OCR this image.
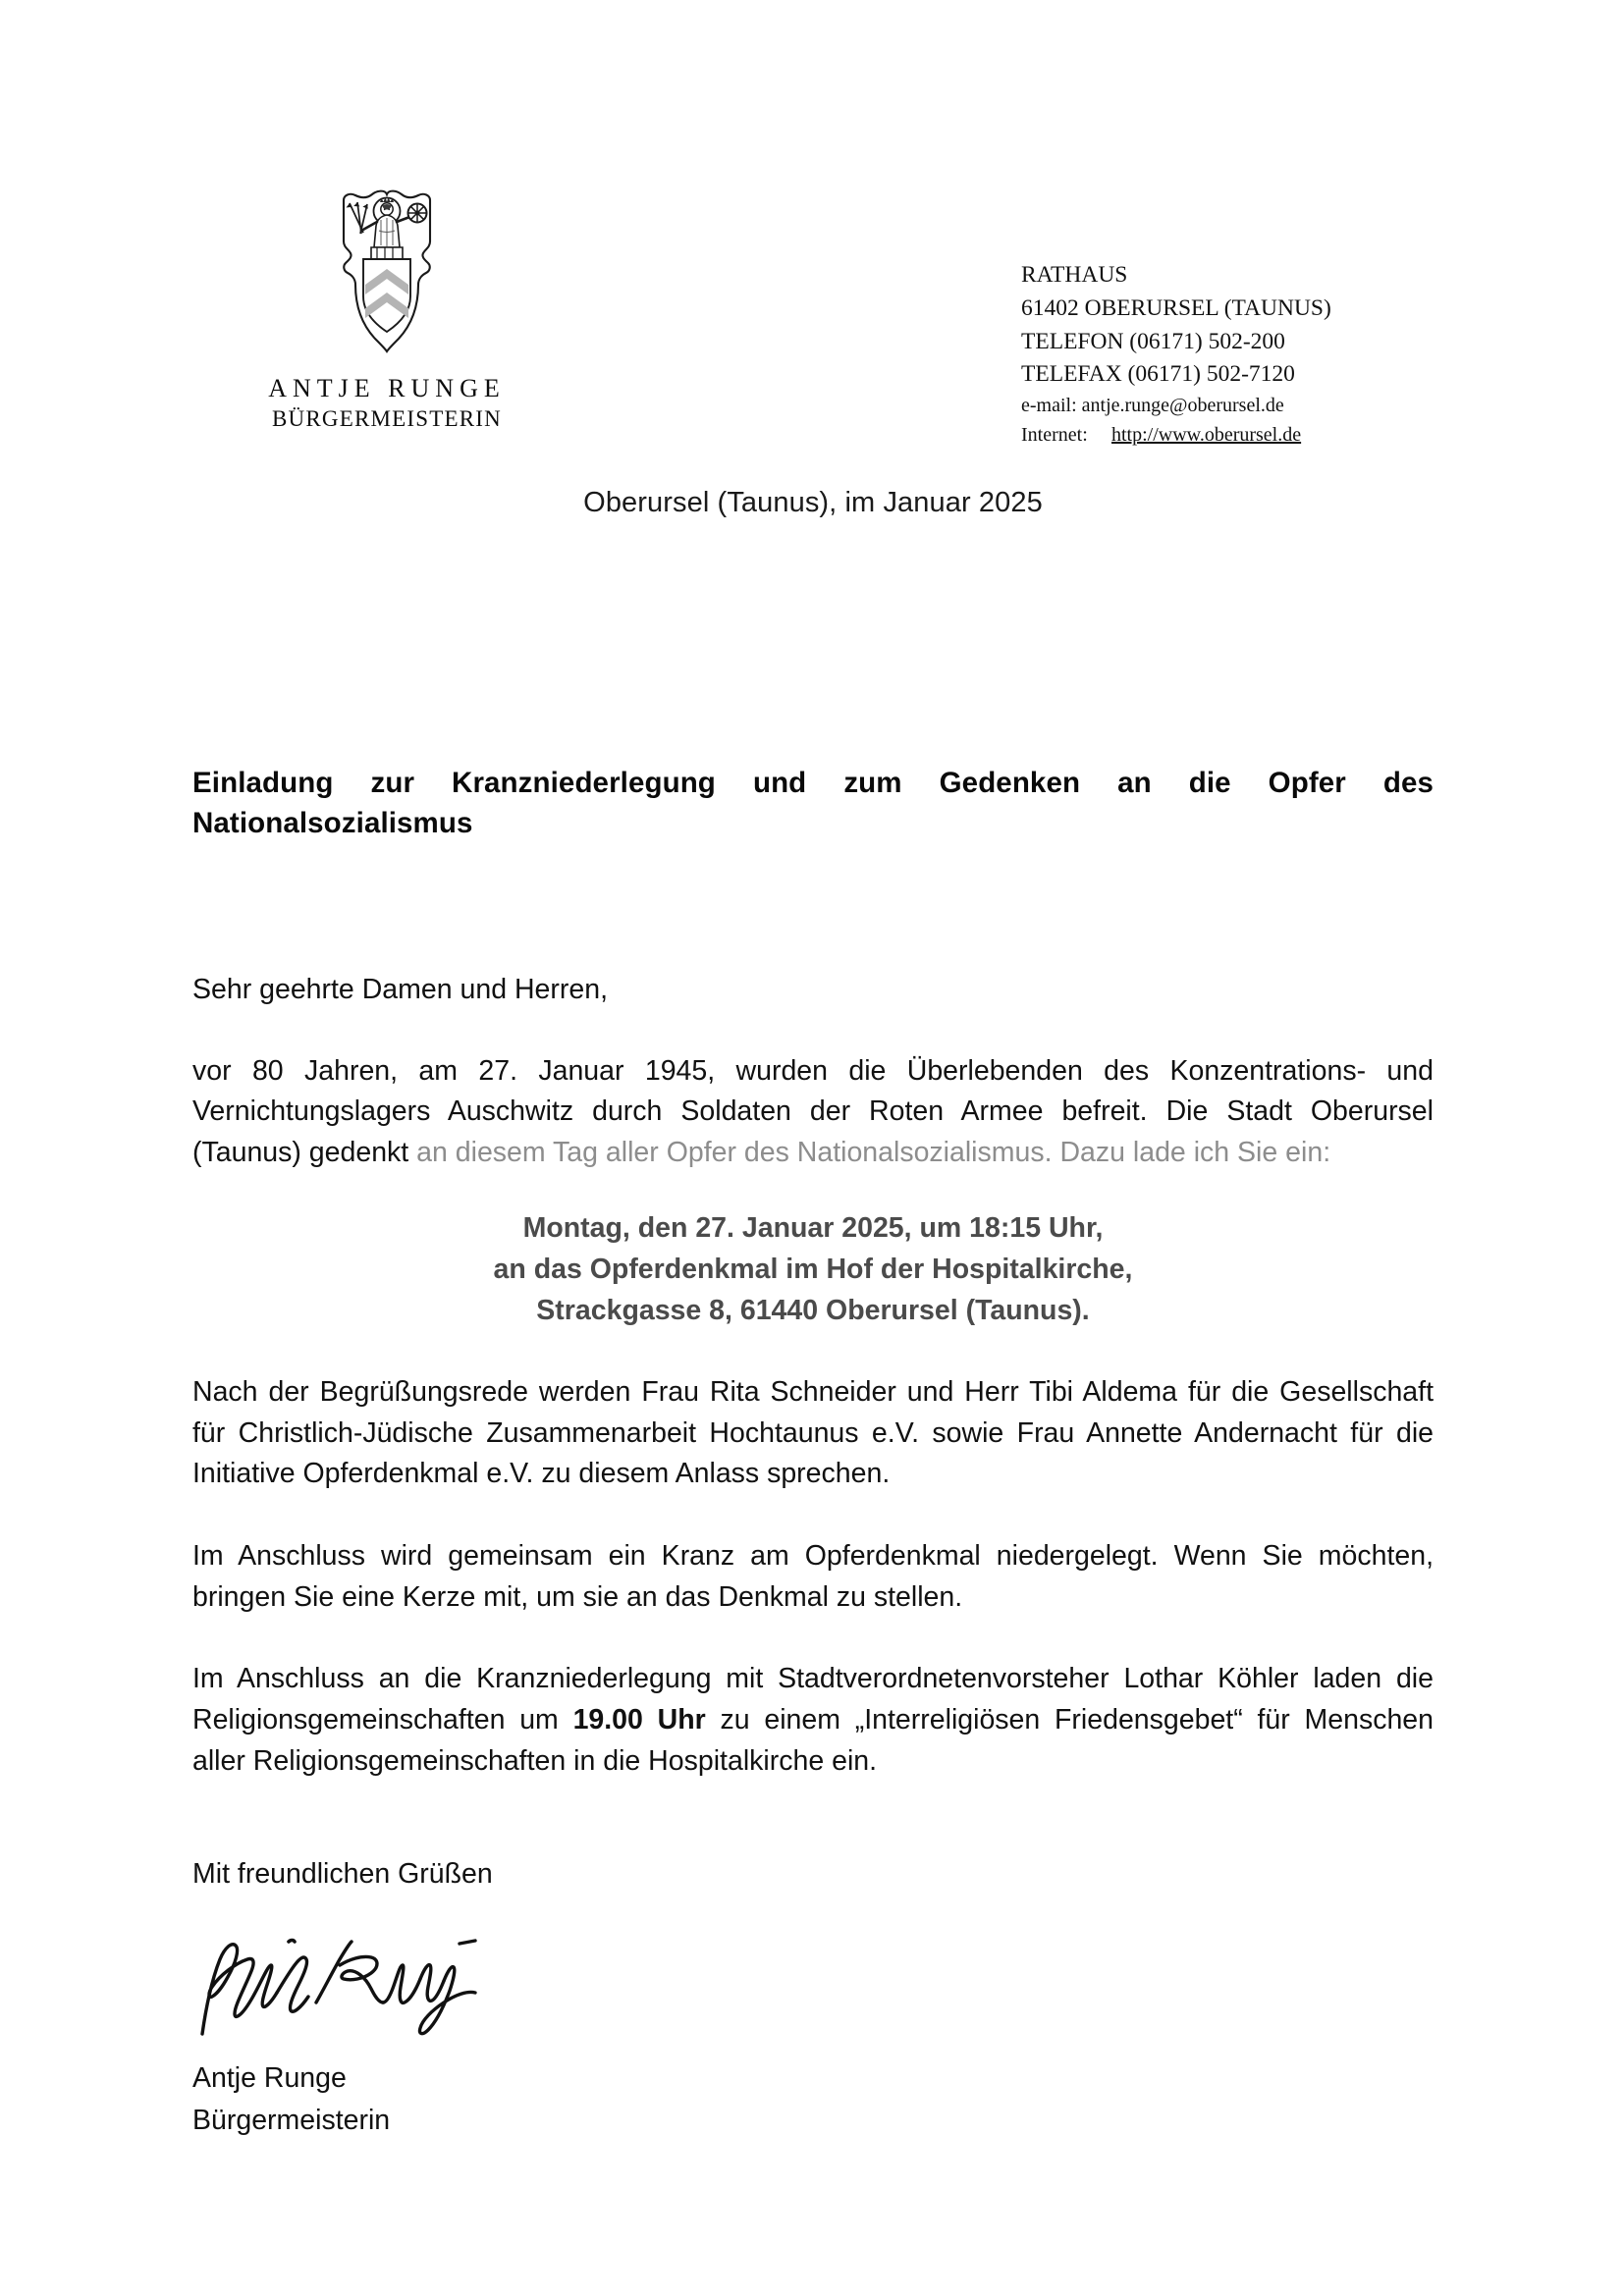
ANTJE RUNGE
BÜRGERMEISTERIN
RATHAUS
61402 OBERURSEL (TAUNUS)
TELEFON (06171) 502-200
TELEFAX (06171) 502-7120
e-mail: antje.runge@oberursel.de
Internet: http://www.oberursel.de
Oberursel (Taunus), im Januar 2025
Einladung zur Kranzniederlegung und zum Gedenken an die Opfer des Nationalsozialismus
Sehr geehrte Damen und Herren,

vor 80 Jahren, am 27. Januar 1945, wurden die Überlebenden des Konzentrations- und Vernichtungslagers Auschwitz durch Soldaten der Roten Armee befreit. Die Stadt Oberursel (Taunus) gedenkt an diesem Tag aller Opfer des Nationalsozialismus. Dazu lade ich Sie ein:

Montag, den 27. Januar 2025, um 18:15 Uhr,
an das Opferdenkmal im Hof der Hospitalkirche,
Strackgasse 8, 61440 Oberursel (Taunus).

Nach der Begrüßungsrede werden Frau Rita Schneider und Herr Tibi Aldema für die Gesellschaft für Christlich-Jüdische Zusammenarbeit Hochtaunus e.V. sowie Frau Annette Andernacht für die Initiative Opferdenkmal e.V. zu diesem Anlass sprechen.

Im Anschluss wird gemeinsam ein Kranz am Opferdenkmal niedergelegt. Wenn Sie möchten, bringen Sie eine Kerze mit, um sie an das Denkmal zu stellen.

Im Anschluss an die Kranzniederlegung mit Stadtverordnetenvorsteher Lothar Köhler laden die Religionsgemeinschaften um 19.00 Uhr zu einem „Interreligiösen Friedensgebet“ für Menschen aller Religionsgemeinschaften in die Hospitalkirche ein.

Mit freundlichen Grüßen
Antje Runge
Bürgermeisterin
